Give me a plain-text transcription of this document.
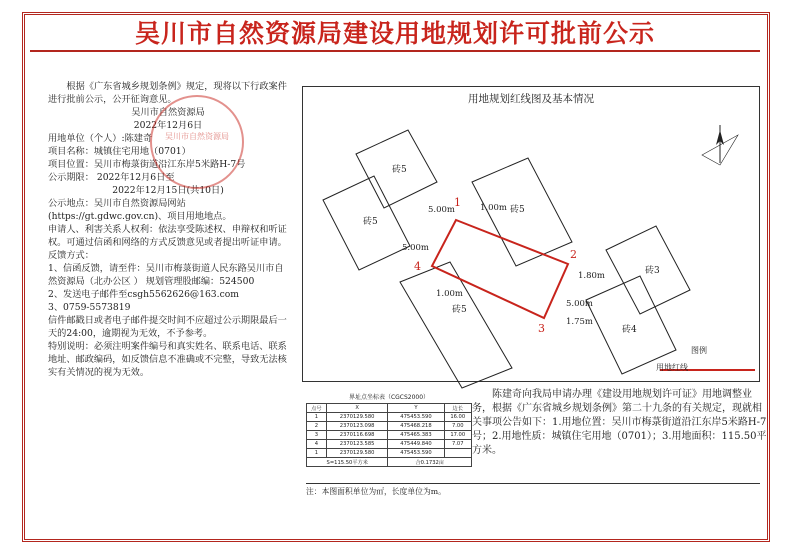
吴川市自然资源局建设用地规划许可批前公示

根据《广东省城乡规划条例》规定，现将以下行政案件进行批前公示，公开征询意见。

吴川市自然资源局

2022年12月6日

用地单位（个人）:陈建奇

项目名称：城镇住宅用地（0701）

项目位置：吴川市梅菉街道沿江东岸5米路H-7号

公示期限： 2022年12月6日至

2022年12月15日(共10日)

公示地点：吴川市自然资源局网站(https://gt.gdwc.gov.cn)、项目用地地点。

申请人、利害关系人权利：依法享受陈述权、申辩权和听证权。可通过信函和网络的方式反馈意见或者提出听证申请。

反馈方式：

1、信函反馈，请至件：吴川市梅菉街道人民东路吴川市自然资源局（北办公区 ） 规划管理股邮编：524500

2、发送电子邮件至csgh5562626@163.com

3、0759-5573819

信件邮戳日或者电子邮件提交时间不应超过公示期限最后一天的24:00，逾期视为无效，不予参考。

特别说明：必须注明案件编号和真实姓名、联系电话、联系地址、邮政编码，如反馈信息不准确或不完整，导致无法核实有关情况的视为无效。

吴川市自然资源局
用地规划红线图及基本情况
砖5
砖5
砖5
砖3
砖5
砖4
1
2
3
4
5.00m	1.00m
5.00m
1.80m
5.00m
1.75m
1.00m
图例
用地红线
界址点坐标表（CGCS2000）
点号	X	Y	边长
1	2370129.580	475453.590	16.00
2	2370123.098	475468.218	7.00
3	2370116.698	475465.383	17.00
4	2370123.585	475449.840	7.07
1	2370129.580	475453.590	
S=115.50平方米		合0.1732亩	

陈建奇向我局申请办理《建设用地规划许可证》用地调整业务，根据《广东省城乡规划条例》第二十九条的有关规定，现就相关事项公告如下：1.用地位置：吴川市梅菉街道沿江东岸5米路H-7号；2.用地性质：城镇住宅用地（0701）；3.用地面积：115.50平方米。

注：本图面积单位为㎡，长度单位为m。
